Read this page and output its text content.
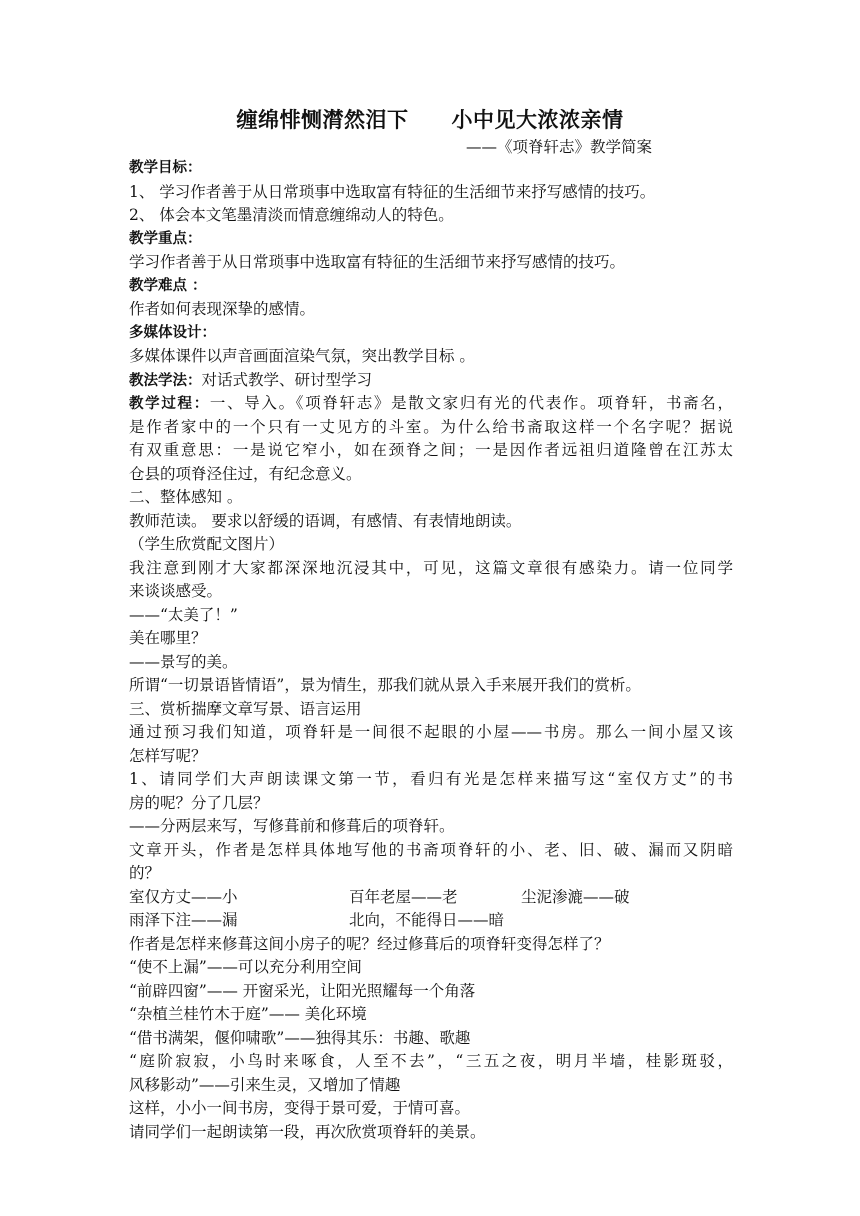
缠绵悱恻潸然泪下　　小中见大浓浓亲情
——《项脊轩志》教学简案
教学目标：
1、 学习作者善于从日常琐事中选取富有特征的生活细节来抒写感情的技巧。
2、 体会本文笔墨清淡而情意缠绵动人的特色。
教学重点：
学习作者善于从日常琐事中选取富有特征的生活细节来抒写感情的技巧。
教学难点 ：
作者如何表现深挚的感情。
多媒体设计：
多媒体课件以声音画面渲染气氛，突出教学目标 。
教法学法：对话式教学、研讨型学习
教学过程：一、导入。《项脊轩志》是散文家归有光的代表作。项脊轩，书斋名，
是作者家中的一个只有一丈见方的斗室。为什么给书斋取这样一个名字呢？据说
有双重意思：一是说它窄小，如在颈脊之间；一是因作者远祖归道隆曾在江苏太
仓县的项脊泾住过，有纪念意义。
二、整体感知 。
教师范读。 要求以舒缓的语调，有感情、有表情地朗读。
（学生欣赏配文图片）
我注意到刚才大家都深深地沉浸其中，可见，这篇文章很有感染力。请一位同学
来谈谈感受。
——“太美了！”
美在哪里？
——景写的美。
所谓“一切景语皆情语”，景为情生，那我们就从景入手来展开我们的赏析。
三、赏析揣摩文章写景、语言运用
通过预习我们知道，项脊轩是一间很不起眼的小屋——书房。那么一间小屋又该
怎样写呢？
1、请同学们大声朗读课文第一节，看归有光是怎样来描写这“室仅方丈”的书
房的呢？分了几层？
——分两层来写，写修葺前和修葺后的项脊轩。
文章开头，作者是怎样具体地写他的书斋项脊轩的小、老、旧、破、漏而又阴暗
的？
室仅方丈——小	百年老屋——老	尘泥渗漉——破
雨泽下注——漏	北向，不能得日——暗
作者是怎样来修葺这间小房子的呢？经过修葺后的项脊轩变得怎样了？
“使不上漏”——可以充分利用空间
“前辟四窗”—— 开窗采光，让阳光照耀每一个角落
“杂植兰桂竹木于庭”—— 美化环境
“借书满架，偃仰啸歌”——独得其乐：书趣、歌趣
“庭阶寂寂，小鸟时来啄食，人至不去”，“三五之夜，明月半墙，桂影斑驳，
风移影动”——引来生灵，又增加了情趣
这样，小小一间书房，变得于景可爱，于情可喜。
请同学们一起朗读第一段，再次欣赏项脊轩的美景。
